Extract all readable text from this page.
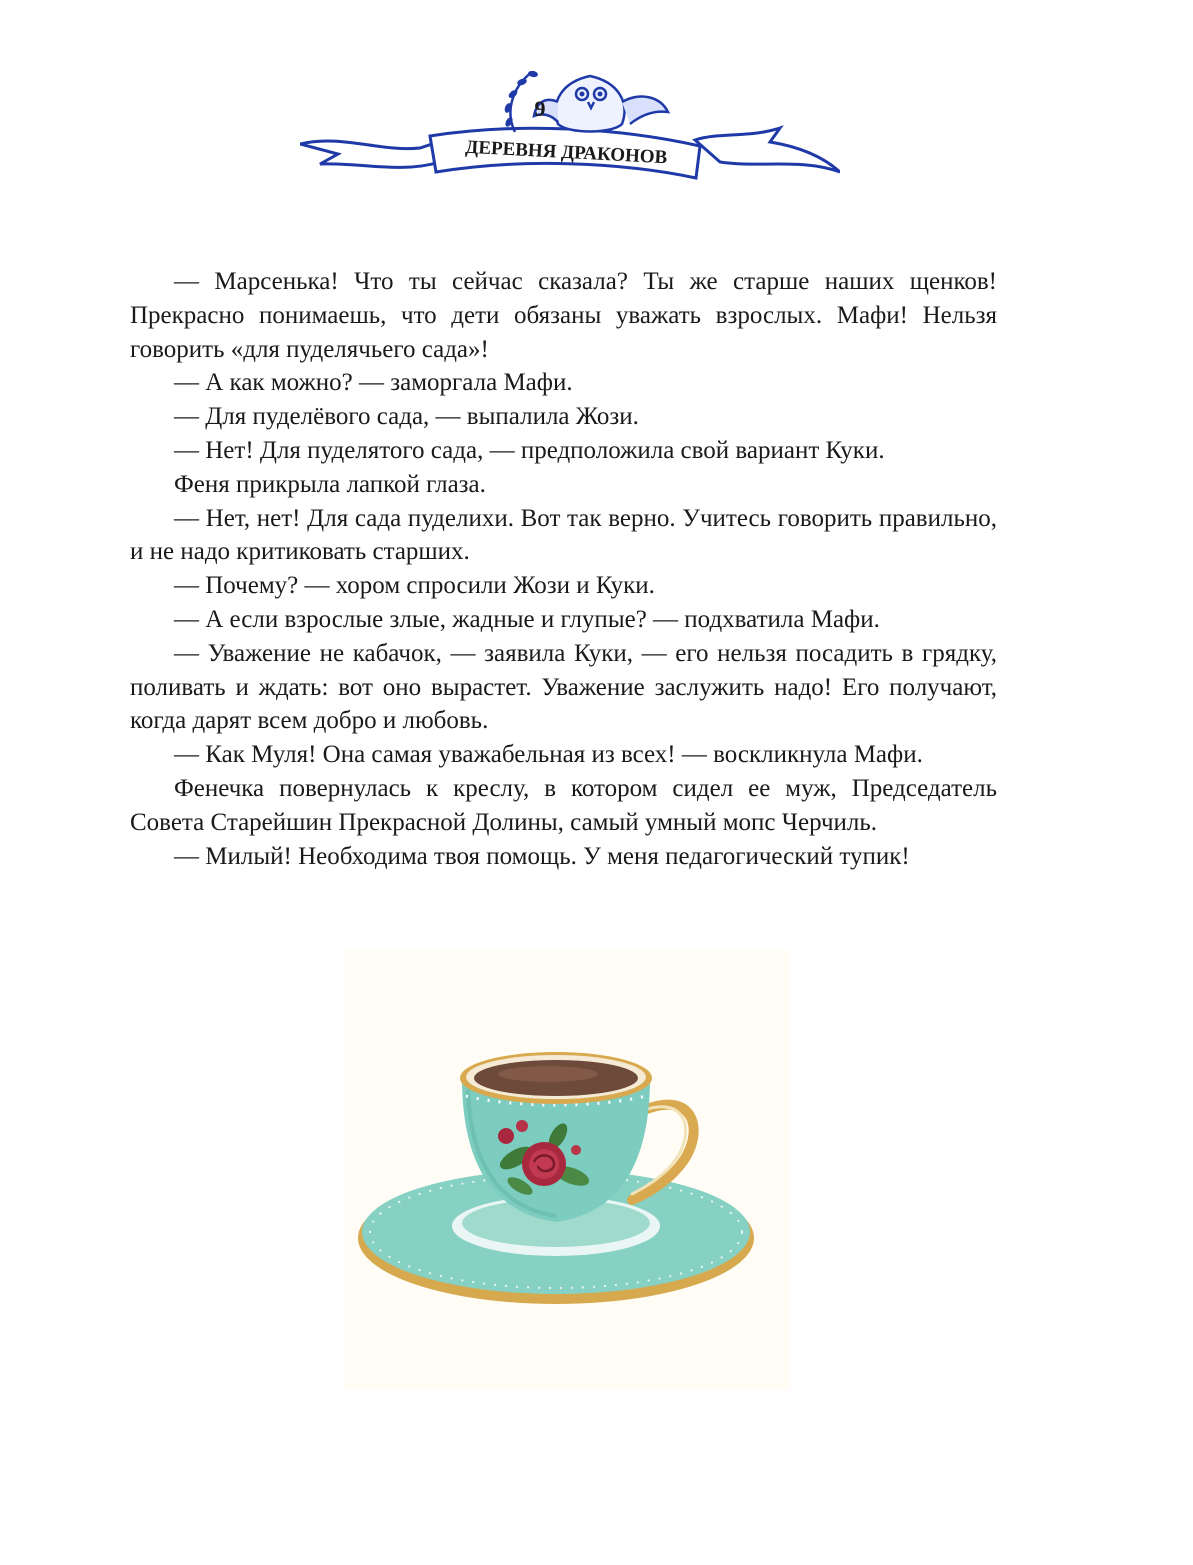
9
ДЕРЕВНЯ ДРАКОНОВ

— Марсенька! Что ты сейчас сказала? Ты же старше наших щенков! Прекрасно понимаешь, что дети обязаны уважать взрослых. Мафи! Нельзя говорить «для пуделячьего сада»!

— А как можно? — заморгала Мафи.

— Для пуделёвого сада, — выпалила Жози.

— Нет! Для пуделятого сада, — предположила свой вариант Куки.

Феня прикрыла лапкой глаза.

— Нет, нет! Для сада пуделихи. Вот так верно. Учитесь говорить правильно, и не надо критиковать старших.

— Почему? — хором спросили Жози и Куки.

— А если взрослые злые, жадные и глупые? — подхватила Мафи.

— Уважение не кабачок, — заявила Куки, — его нельзя посадить в грядку, поливать и ждать: вот оно вырастет. Уважение заслужить надо! Его получают, когда дарят всем добро и любовь.

— Как Муля! Она самая уважабельная из всех! — воскликнула Мафи.

Фенечка повернулась к креслу, в котором сидел ее муж, Председатель Совета Старейшин Прекрасной Долины, самый умный мопс Черчиль.

— Милый! Необходима твоя помощь. У меня педагогический тупик!
